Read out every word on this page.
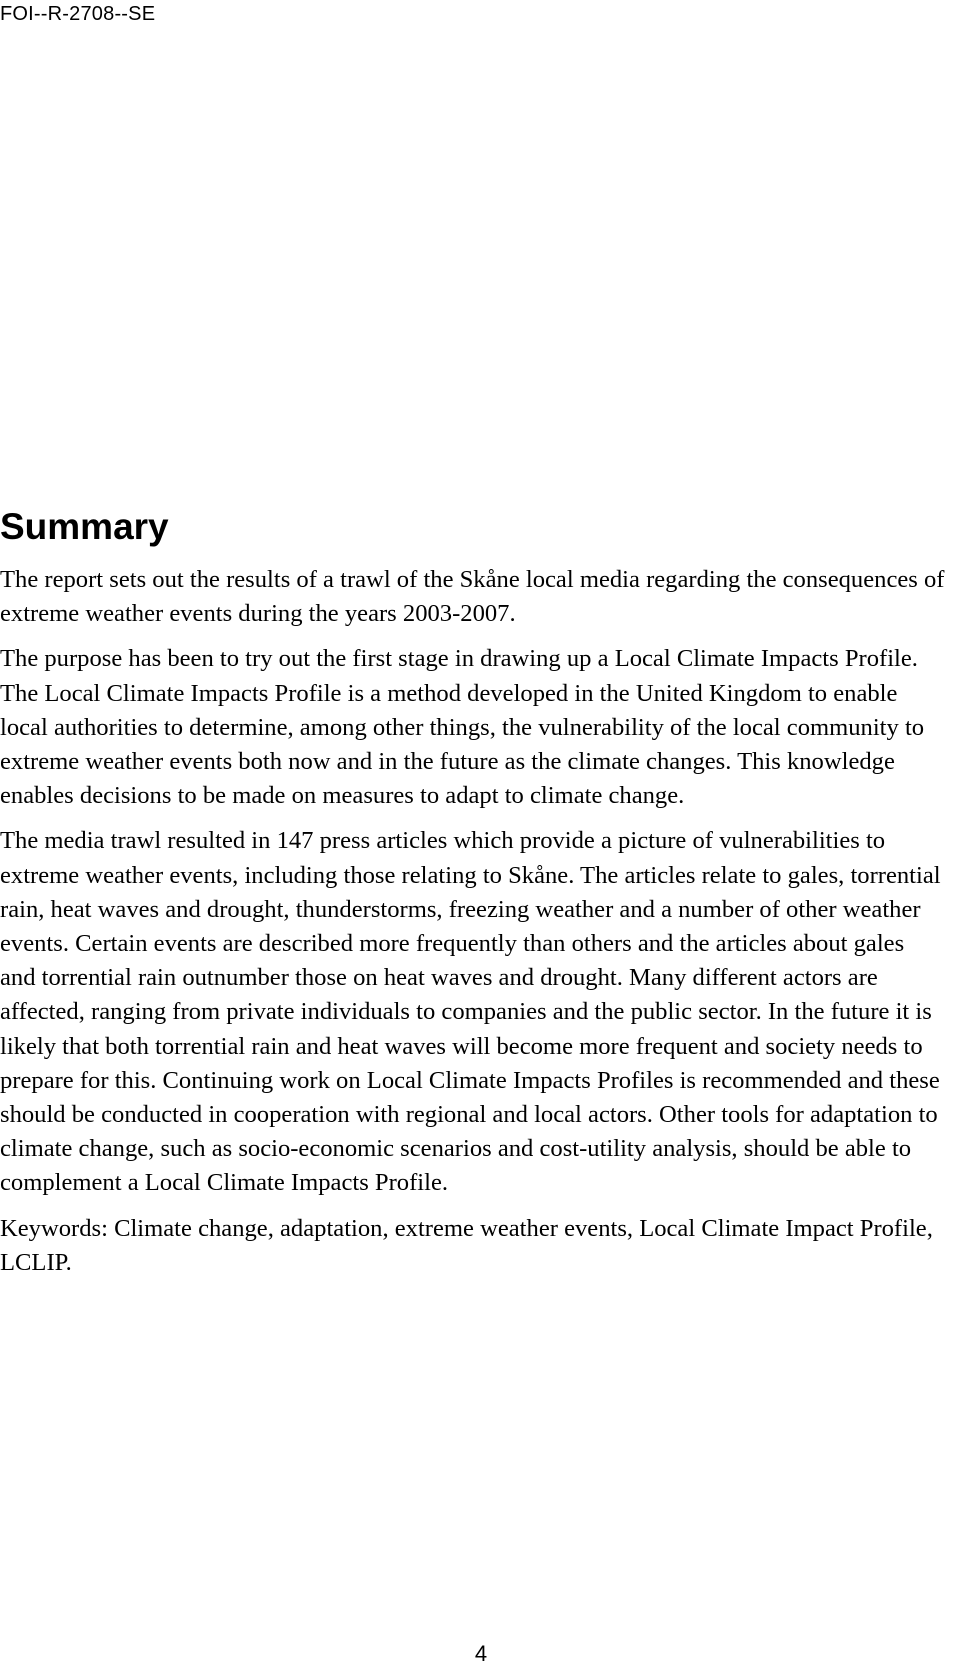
FOI--R-2708--SE
Summary

The report sets out the results of a trawl of the Skåne local media regarding the consequences of extreme weather events during the years 2003-2007.

The purpose has been to try out the first stage in drawing up a Local Climate Impacts Profile. The Local Climate Impacts Profile is a method developed in the United Kingdom to enable local authorities to determine, among other things, the vulnerability of the local community to extreme weather events both now and in the future as the climate changes. This knowledge enables decisions to be made on measures to adapt to climate change.

The media trawl resulted in 147 press articles which provide a picture of vulnerabilities to extreme weather events, including those relating to Skåne. The articles relate to gales, torrential rain, heat waves and drought, thunderstorms, freezing weather and a number of other weather events. Certain events are described more frequently than others and the articles about gales and torrential rain outnumber those on heat waves and drought. Many different actors are affected, ranging from private individuals to companies and the public sector. In the future it is likely that both torrential rain and heat waves will become more frequent and society needs to prepare for this. Continuing work on Local Climate Impacts Profiles is recommended and these should be conducted in cooperation with regional and local actors. Other tools for adaptation to climate change, such as socio-economic scenarios and cost-utility analysis, should be able to complement a Local Climate Impacts Profile.

Keywords: Climate change, adaptation, extreme weather events, Local Climate Impact Profile, LCLIP.

4
